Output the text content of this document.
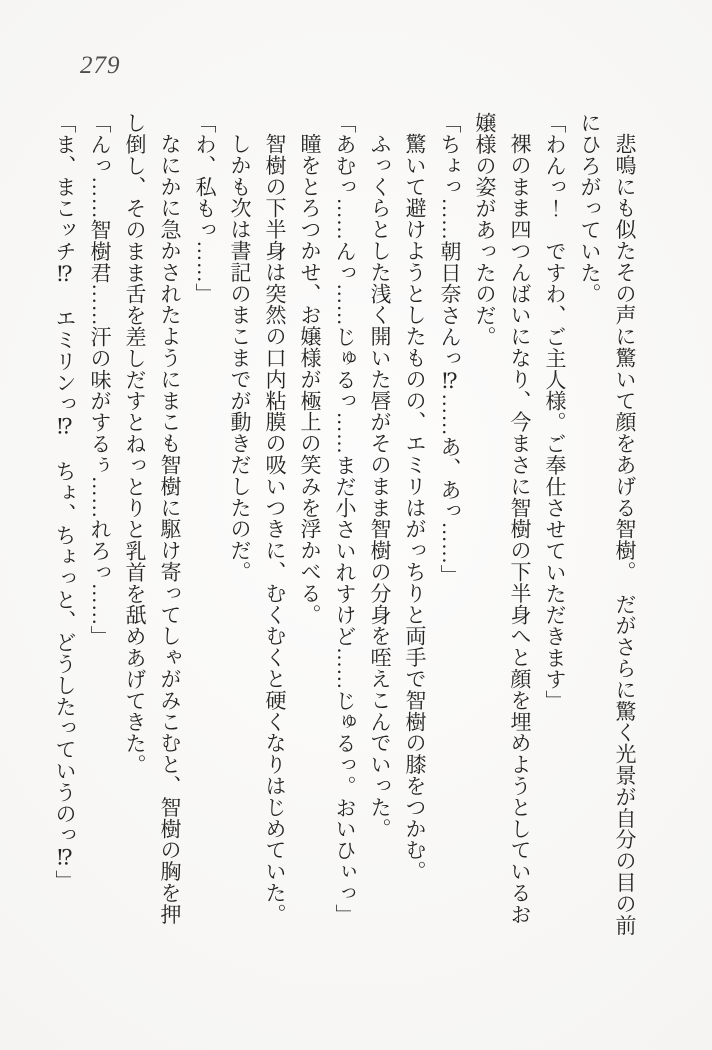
279
悲鳴にも似たその声に驚いて顔をあげる智樹。　だがさらに驚く光景が自分の目の前
にひろがっていた。
「わんっ！　ですわ、ご主人様。ご奉仕させていただきます」
裸のまま四つんばいになり、今まさに智樹の下半身へと顔を埋めようとしているお
嬢様の姿があったのだ。
「ちょっ……朝日奈さんっ⁉……あ、あっ……」
驚いて避けようとしたものの、エミリはがっちりと両手で智樹の膝をつかむ。
ふっくらとした浅く開いた唇がそのまま智樹の分身を咥えこんでいった。
「あむっ……んっ……じゅるっ……まだ小さいれすけど……じゅるっ。おいひぃっ」
瞳をとろつかせ、お嬢様が極上の笑みを浮かべる。
智樹の下半身は突然の口内粘膜の吸いつきに、むくむくと硬くなりはじめていた。
しかも次は書記のまこまでが動きだしたのだ。
「わ、私もっ……」
なにかに急かされたようにまこも智樹に駆け寄ってしゃがみこむと、智樹の胸を押
し倒し、そのまま舌を差しだすとねっとりと乳首を舐めあげてきた。
「んっ……智樹君……汗の味がするぅ……れろっ……」
「ま、まこッチ⁉　エミリンっ⁉　ちょ、ちょっと、どうしたっていうのっ⁉」
